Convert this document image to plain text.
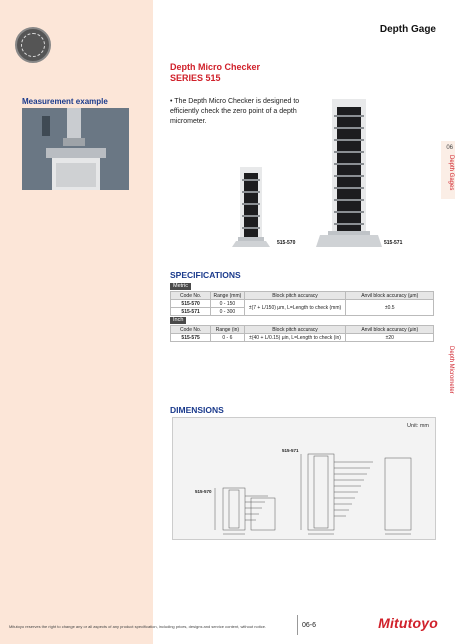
Depth Gage
Depth Micro Checker
SERIES 515
Measurement example	• The Depth Micro Checker is designed to efficiently check the zero point of a depth micrometer.
515-570	515-571
06
Depth Gages
Depth Micrometer
SPECIFICATIONS
Metric
Code No.	Range (mm)	Block pitch accuracy	Anvil block accuracy (μm)
515-570	0 - 150	±(7 + L/150) μm, L=Length to check (mm)	±0.5
515-571	0 - 300		
Inch
Code No.	Range (in)	Block pitch accuracy	Anvil block accuracy (μin)
515-575	0 - 6	±(40 + L/0.15) μin, L=Length to check (in)	±20
DIMENSIONS
Unit: mm
515-571
515-570
Mitutoyo reserves the right to change any or all aspects of any product specification, including prices, designs and service content, without notice.	06-6	Mitutoyo
